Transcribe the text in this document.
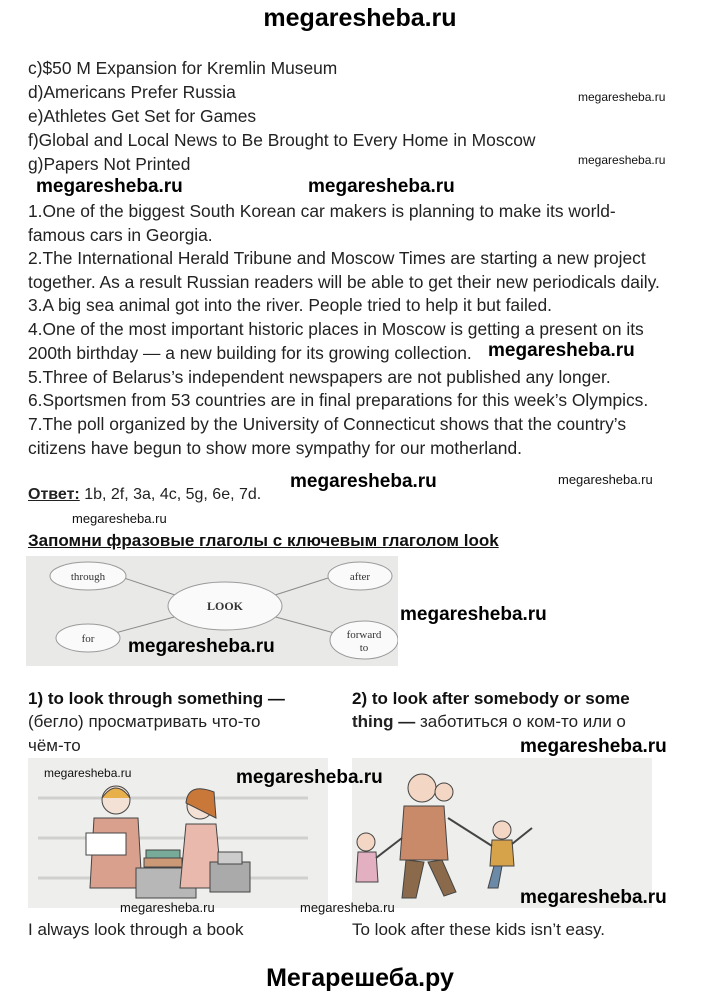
megaresheba.ru
c)$50 M Expansion for Kremlin Museum
d)Americans Prefer Russia
e)Athletes Get Set for Games
f)Global and Local News to Be Brought to Every Home in Moscow
g)Papers Not Printed
1.One of the biggest South Korean car makers is planning to make its world-
famous cars in Georgia.
2.The International Herald Tribune and Moscow Times are starting a new project
together. As a result Russian readers will be able to get their new periodicals daily.
3.A big sea animal got into the river. People tried to help it but failed.
4.One of the most important historic places in Moscow is getting a present on its
200th birthday — a new building for its growing collection.
5.Three of Belarus’s independent newspapers are not published any longer.
6.Sportsmen from 53 countries are in final preparations for this week’s Olympics.
7.The poll organized by the University of Connecticut shows that the country’s
citizens have begun to show more sympathy for our motherland.
Ответ: 1b, 2f, 3a, 4c, 5g, 6e, 7d.
Запомни фразовые глаголы с ключевым глаголом look
LOOK
through	after
for	forward
to
1) to look through something —
(бегло) просматривать что-то
чём-то
2) to look after somebody or some
thing — заботиться о ком-то или о
I always look through a book	To look after these kids isn’t easy.
megaresheba.ru
megaresheba.ru
megaresheba.ru	megaresheba.ru
megaresheba.ru
megaresheba.ru	megaresheba.ru
megaresheba.ru
megaresheba.ru
megaresheba.ru
megaresheba.ru
megaresheba.ru	megaresheba.ru
megaresheba.ru
megaresheba.ru	megaresheba.ru
Мегарешеба.ру
